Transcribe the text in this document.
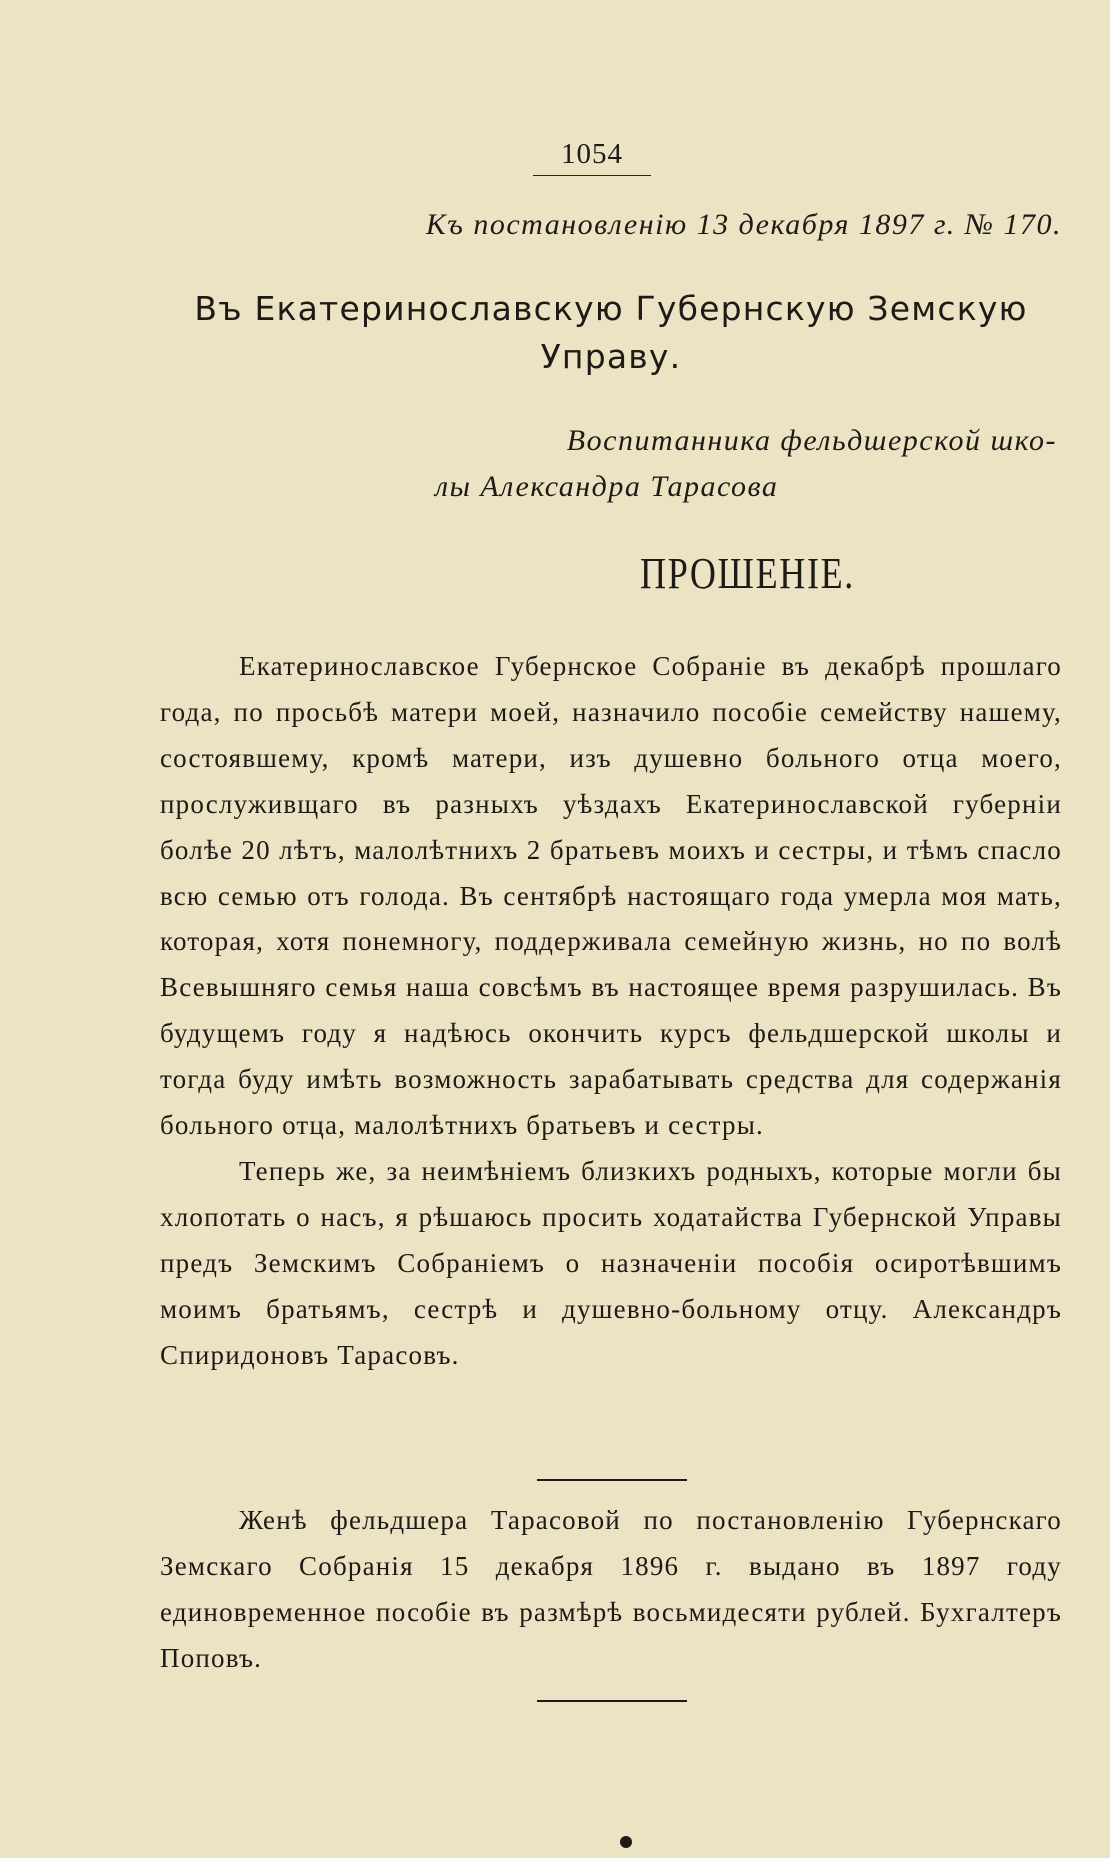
1054
Къ постановленію 13 декабря 1897 г. № 170.
Въ Екатеринославскую Губернскую Земскую Управу.
Воспитанника фельдшерской шко-
лы Александра Тарасова
ПРОШЕНІЕ.

Екатеринославское Губернское Собраніе въ декабрѣ прошлаго года, по просьбѣ матери моей, назначило пособіе семейству нашему, состоявшему, кромѣ матери, изъ душевно больного отца моего, прослуживщаго въ разныхъ уѣздахъ Екатеринославской губерніи болѣе 20 лѣтъ, малолѣтнихъ 2 братьевъ моихъ и сестры, и тѣмъ спасло всю семью отъ голода. Въ сентябрѣ настоящаго года умерла моя мать, которая, хотя понемногу, поддерживала семейную жизнь, но по волѣ Всевышняго семья наша совсѣмъ въ настоящее время разрушилась. Въ будущемъ году я надѣюсь окончить курсъ фельдшерской школы и тогда буду имѣть возможность зарабатывать средства для содержанія больного отца, малолѣтнихъ братьевъ и сестры.

Теперь же, за неимѣніемъ близкихъ родныхъ, которые могли бы хлопотать о насъ, я рѣшаюсь просить ходатайства Губернской Управы предъ Земскимъ Собраніемъ о назначеніи пособія осиротѣвшимъ моимъ братьямъ, сестрѣ и душевно-больному отцу. Александръ Спиридоновъ Тарасовъ.

Женѣ фельдшера Тарасовой по постановленію Губернскаго Земскаго Собранія 15 декабря 1896 г. выдано въ 1897 году единовременное пособіе въ размѣрѣ восьмидесяти рублей. Бухгалтеръ Поповъ.
